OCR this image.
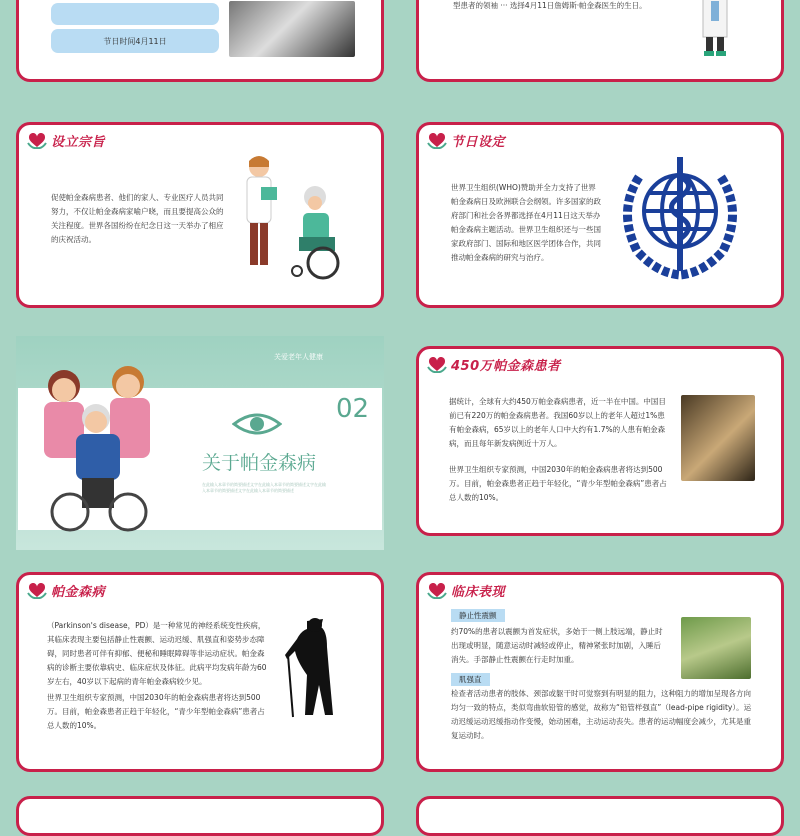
节日时间4月11日
型患者的领袖 ··· 选择4月11日詹姆斯·帕金森医生的生日。
设立宗旨
促使帕金森病患者、他们的家人、专业医疗人员共同努力，不仅让帕金森病家喻户晓，而且要提高公众的关注程度。世界各国纷纷在纪念日这一天举办了相应的庆祝活动。
节日设定
世界卫生组织(WHO)赞助并全力支持了世界帕金森病日及欧洲联合会纲领。许多国家的政府部门和社会各界都选择在4月11日这天举办帕金森病主题活动。世界卫生组织还与一些国家政府部门、国际和地区医学团体合作，共同推动帕金森病的研究与治疗。
关爱老年人健康
02
关于帕金森病
在此输入本章节的简要描述文字在此输入本章节的简要描述文字在此输入本章节的简要描述文字在此输入本章节的简要描述
450万帕金森患者
据统计，全球有大约450万帕金森病患者，近一半在中国。中国目前已有220万的帕金森病患者。我国60岁以上的老年人超过1%患有帕金森病，65岁以上的老年人口中大约有1.7%的人患有帕金森病，而且每年新发病例近十万人。
世界卫生组织专家预测，中国2030年的帕金森病患者将达到500万。目前，帕金森患者正趋于年轻化，“青少年型帕金森病”患者占总人数的10%。
帕金森病
（Parkinson's disease，PD）是一种常见的神经系统变性疾病，其临床表现主要包括静止性震颤、运动迟缓、肌强直和姿势步态障碍，同时患者可伴有抑郁、便秘和睡眠障碍等非运动症状。帕金森病的诊断主要依靠病史、临床症状及体征。此病平均发病年龄为60岁左右，40岁以下起病的青年帕金森病较少见。
世界卫生组织专家预测，中国2030年的帕金森病患者将达到500万。目前，帕金森患者正趋于年轻化，“青少年型帕金森病”患者占总人数的10%。
临床表现
静止性震颤
约70%的患者以震颤为首发症状，多始于一侧上肢远端，静止时出现或明显，随意运动时减轻或停止，精神紧张时加剧，入睡后消失。手部静止性震颤在行走时加重。
肌强直
检查者活动患者的肢体、颈部或躯干时可觉察到有明显的阻力，这种阻力的增加呈现各方向均匀一致的特点，类似弯曲软铅管的感觉，故称为“铅管样强直”（lead-pipe rigidity）。运动迟缓运动迟缓指动作变慢，始动困难，主动运动丧失。患者的运动幅度会减少，尤其是重复运动时。
